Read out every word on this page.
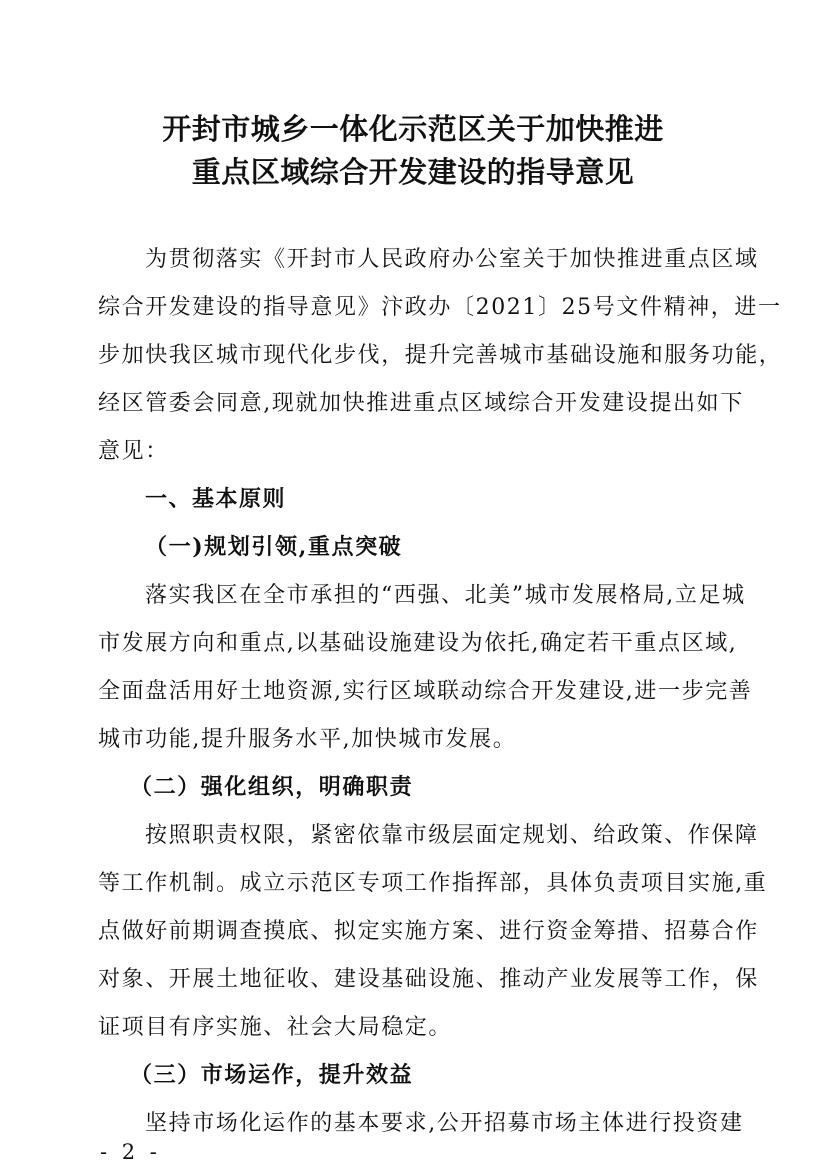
开封市城乡一体化示范区关于加快推进
重点区域综合开发建设的指导意见
为贯彻落实《开封市人民政府办公室关于加快推进重点区域
综合开发建设的指导意见》汴政办〔2021〕25号文件精神，进一
步加快我区城市现代化步伐，提升完善城市基础设施和服务功能，
经区管委会同意,现就加快推进重点区域综合开发建设提出如下
意见：
一、基本原则
（一)规划引领,重点突破
落实我区在全市承担的“西强、北美”城市发展格局,立足城
市发展方向和重点,以基础设施建设为依托,确定若干重点区域,
全面盘活用好土地资源,实行区域联动综合开发建设,进一步完善
城市功能,提升服务水平,加快城市发展。
（二）强化组织，明确职责
按照职责权限，紧密依靠市级层面定规划、给政策、作保障
等工作机制。成立示范区专项工作指挥部，具体负责项目实施,重
点做好前期调查摸底、拟定实施方案、进行资金筹措、招募合作
对象、开展土地征收、建设基础设施、推动产业发展等工作，保
证项目有序实施、社会大局稳定。
（三）市场运作，提升效益
坚持市场化运作的基本要求,公开招募市场主体进行投资建
- 2 -
